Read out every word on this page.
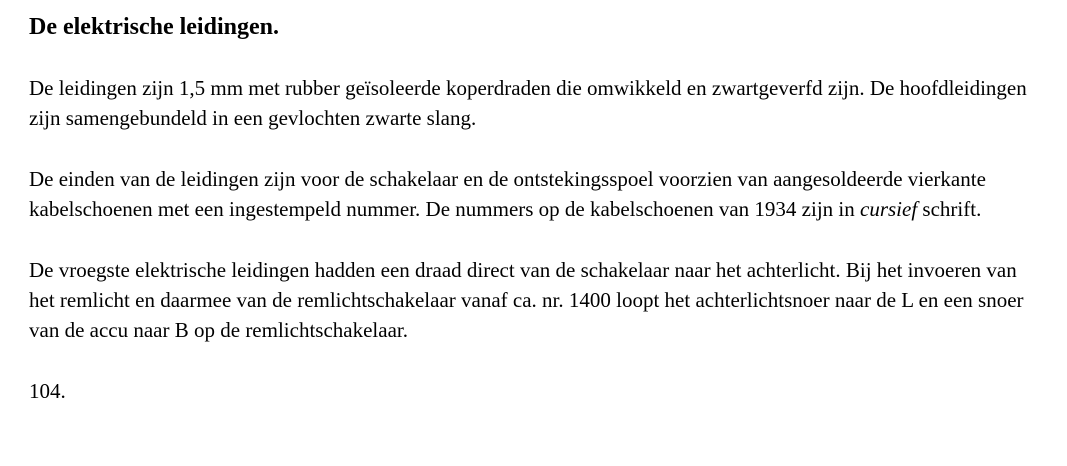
De elektrische leidingen.

De leidingen zijn 1,5 mm met rubber geïsoleerde koperdraden die omwikkeld en zwartgeverfd zijn. De hoofdleidingen zijn samengebundeld in een gevlochten zwarte slang.

De einden van de leidingen zijn voor de schakelaar en de ontstekingsspoel voorzien van aangesoldeerde vierkante kabelschoenen met een ingestempeld nummer. De nummers op de kabelschoenen van 1934 zijn in cursief schrift.

De vroegste elektrische leidingen hadden een draad direct van de schakelaar naar het achterlicht. Bij het invoeren van het remlicht en daarmee van de remlichtschakelaar vanaf ca. nr. 1400 loopt het achterlichtsnoer naar de L en een snoer van de accu naar B op de remlichtschakelaar.

104.
